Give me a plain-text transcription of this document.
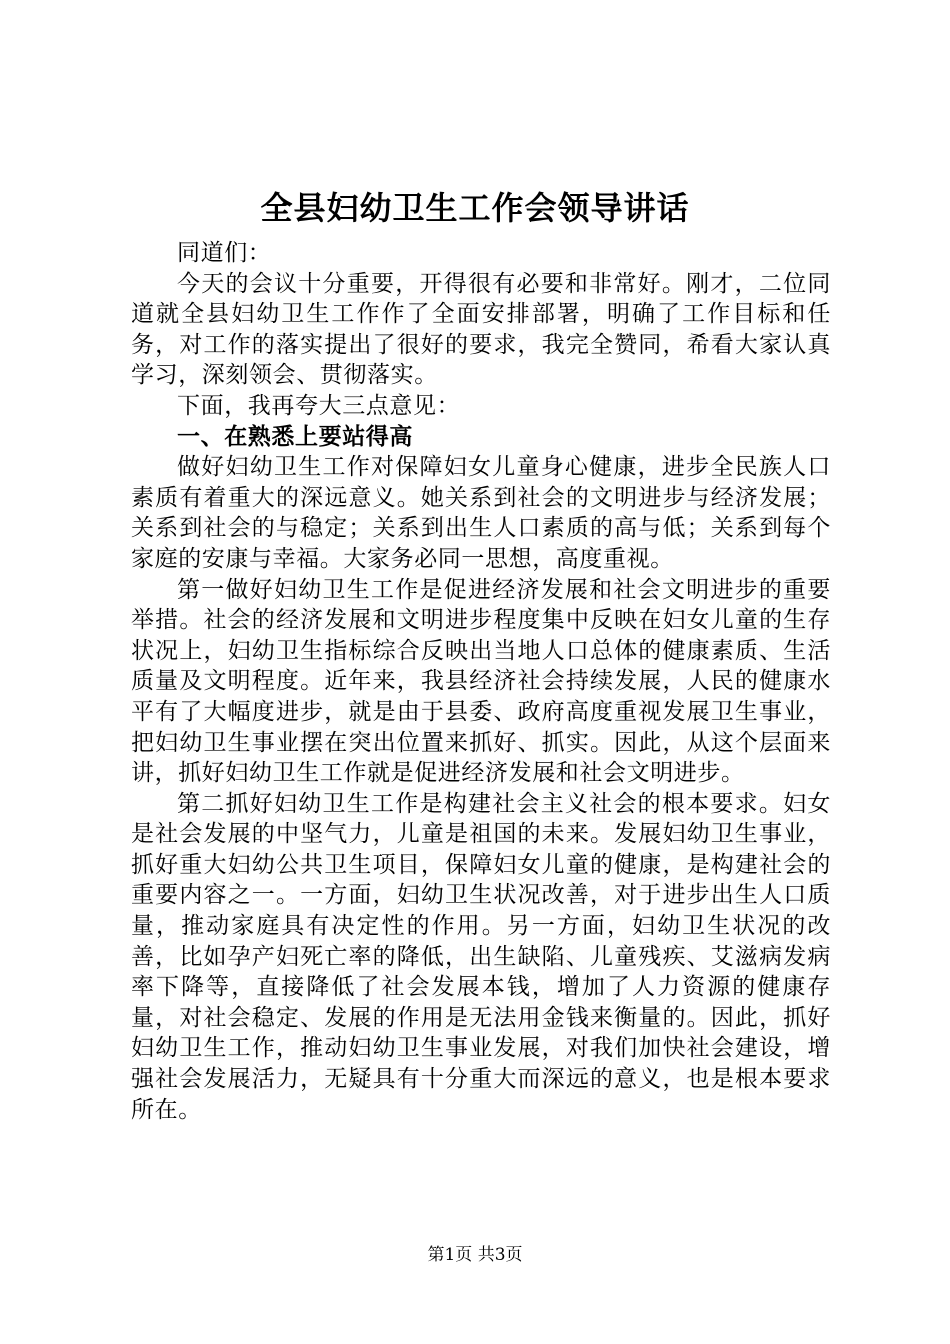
全县妇幼卫生工作会领导讲话

同道们：

今天的会议十分重要，开得很有必要和非常好。刚才，二位同道就全县妇幼卫生工作作了全面安排部署，明确了工作目标和任务，对工作的落实提出了很好的要求，我完全赞同，希看大家认真学习，深刻领会、贯彻落实。

下面，我再夸大三点意见：

一、在熟悉上要站得高

做好妇幼卫生工作对保障妇女儿童身心健康，进步全民族人口素质有着重大的深远意义。她关系到社会的文明进步与经济发展；关系到社会的与稳定；关系到出生人口素质的高与低；关系到每个家庭的安康与幸福。大家务必同一思想，高度重视。

第一做好妇幼卫生工作是促进经济发展和社会文明进步的重要举措。社会的经济发展和文明进步程度集中反映在妇女儿童的生存状况上，妇幼卫生指标综合反映出当地人口总体的健康素质、生活质量及文明程度。近年来，我县经济社会持续发展，人民的健康水平有了大幅度进步，就是由于县委、政府高度重视发展卫生事业，把妇幼卫生事业摆在突出位置来抓好、抓实。因此，从这个层面来讲，抓好妇幼卫生工作就是促进经济发展和社会文明进步。

第二抓好妇幼卫生工作是构建社会主义社会的根本要求。妇女是社会发展的中坚气力，儿童是祖国的未来。发展妇幼卫生事业，抓好重大妇幼公共卫生项目，保障妇女儿童的健康，是构建社会的重要内容之一。一方面，妇幼卫生状况改善，对于进步出生人口质量，推动家庭具有决定性的作用。另一方面，妇幼卫生状况的改善，比如孕产妇死亡率的降低，出生缺陷、儿童残疾、艾滋病发病率下降等，直接降低了社会发展本钱，增加了人力资源的健康存量，对社会稳定、发展的作用是无法用金钱来衡量的。因此，抓好妇幼卫生工作，推动妇幼卫生事业发展，对我们加快社会建设，增强社会发展活力，无疑具有十分重大而深远的意义，也是根本要求所在。

第1页 共3页
